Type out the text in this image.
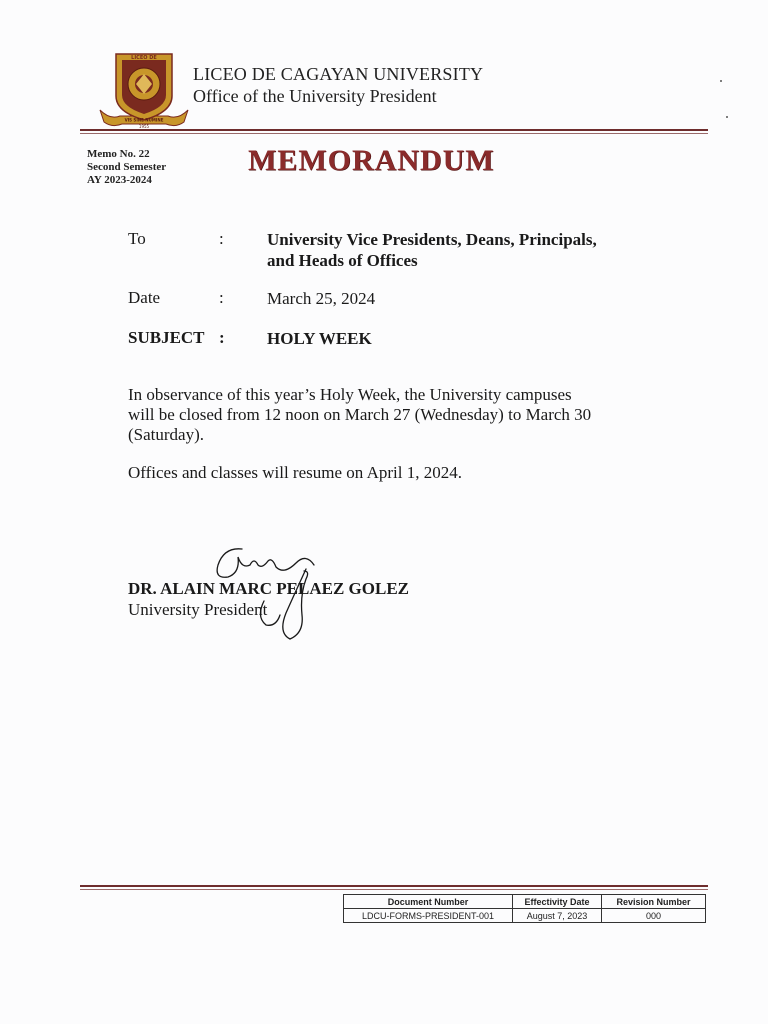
LICEO DE
VIS SINE NUMINE
1955
LICEO DE CAGAYAN UNIVERSITY
Office of the University President
Memo No. 22
Second Semester
AY 2023-2024
MEMORANDUM
To	:	University Vice Presidents, Deans, Principals,
and Heads of Offices
Date	:	March 25, 2024
SUBJECT : HOLY WEEK
In observance of this year’s Holy Week, the University campuses
will be closed from 12 noon on March 27 (Wednesday) to March 30
(Saturday).
Offices and classes will resume on April 1, 2024.
DR. ALAIN MARC PELAEZ GOLEZ
University President
Document Number	Effectivity Date	Revision Number
LDCU-FORMS-PRESIDENT-001	August 7, 2023	000
